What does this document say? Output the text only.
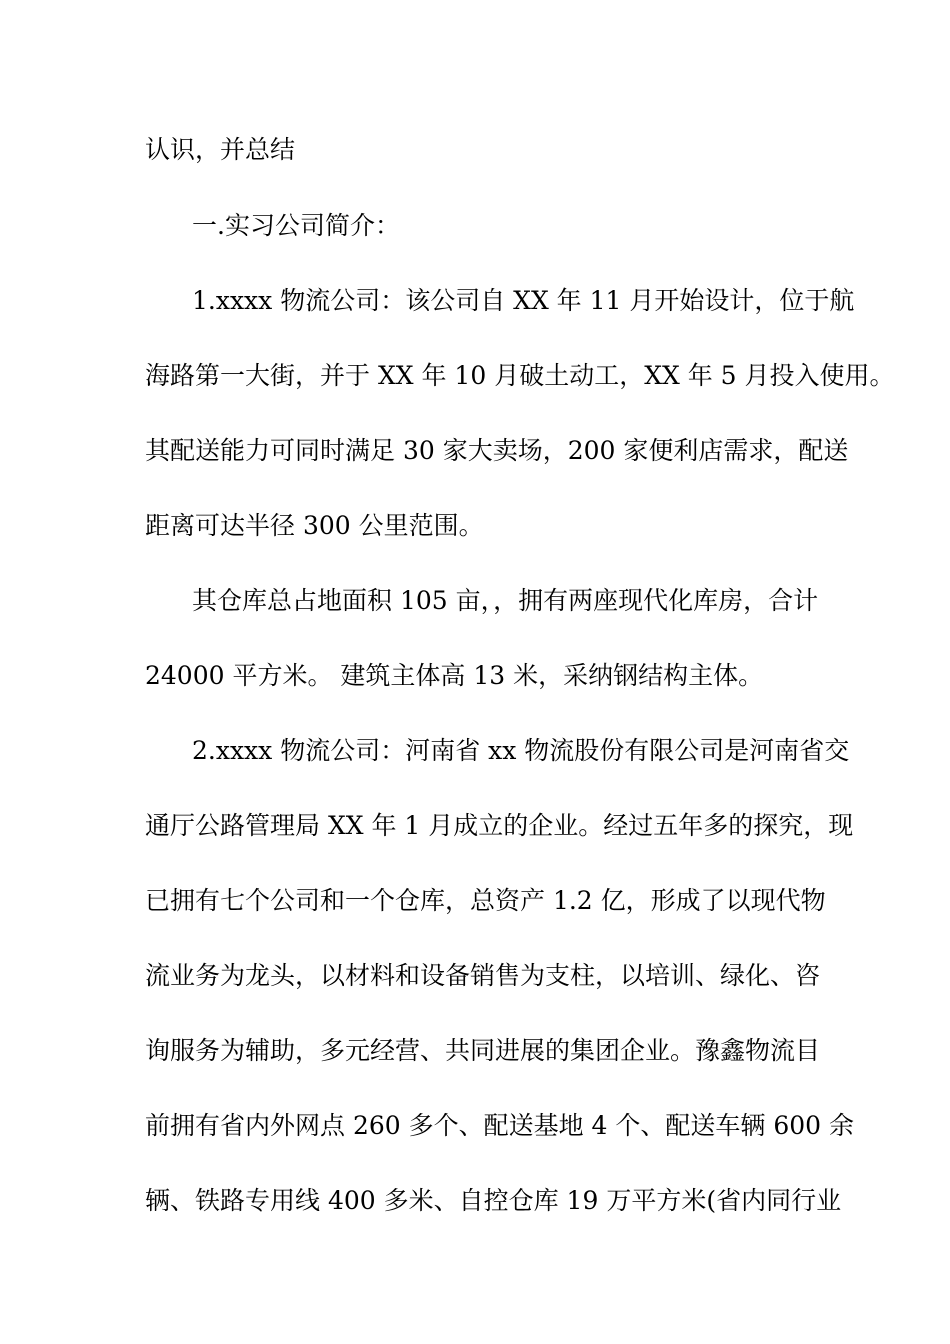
认识，并总结
一.实习公司简介：
1.xxxx 物流公司：该公司自 XX 年 11 月开始设计，位于航
海路第一大街，并于 XX 年 10 月破土动工，XX 年 5 月投入使用。
其配送能力可同时满足 30 家大卖场，200 家便利店需求，配送
距离可达半径 300 公里范围。
其仓库总占地面积 105 亩，，拥有两座现代化库房，合计
24000 平方米。 建筑主体高 13 米，采纳钢结构主体。
2.xxxx 物流公司：河南省 xx 物流股份有限公司是河南省交
通厅公路管理局 XX 年 1 月成立的企业。经过五年多的探究，现
已拥有七个公司和一个仓库，总资产 1.2 亿，形成了以现代物
流业务为龙头，以材料和设备销售为支柱，以培训、绿化、咨
询服务为辅助，多元经营、共同进展的集团企业。豫鑫物流目
前拥有省内外网点 260 多个、配送基地 4 个、配送车辆 600 余
辆、铁路专用线 400 多米、自控仓库 19 万平方米(省内同行业
